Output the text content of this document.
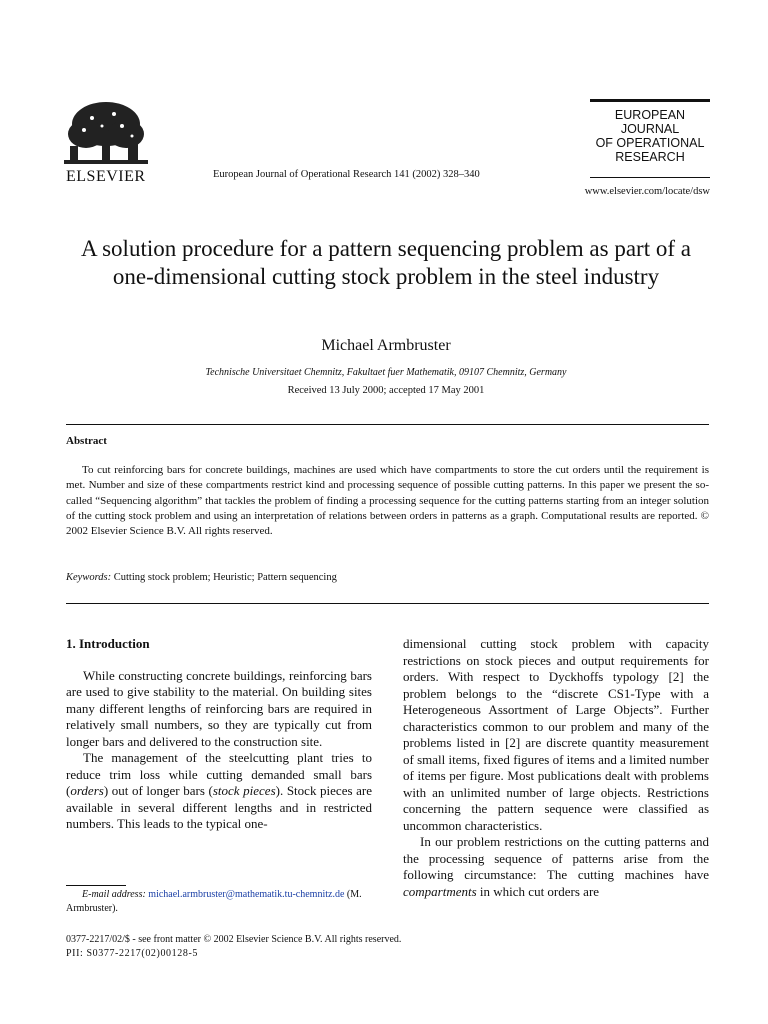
ELSEVIER	European Journal of Operational Research 141 (2002) 328–340
EUROPEAN
JOURNAL
OF OPERATIONAL
RESEARCH
www.elsevier.com/locate/dsw
A solution procedure for a pattern sequencing problem as part of a one-dimensional cutting stock problem in the steel industry
Michael Armbruster
Technische Universitaet Chemnitz, Fakultaet fuer Mathematik, 09107 Chemnitz, Germany
Received 13 July 2000; accepted 17 May 2001
Abstract
To cut reinforcing bars for concrete buildings, machines are used which have compartments to store the cut orders until the requirement is met. Number and size of these compartments restrict kind and processing sequence of possible cutting patterns. In this paper we present the so-called “Sequencing algorithm” that tackles the problem of finding a processing sequence for the cutting patterns starting from an integer solution of the cutting stock problem and using an interpretation of relations between orders in patterns as a graph. Computational results are reported. © 2002 Elsevier Science B.V. All rights reserved.
Keywords: Cutting stock problem; Heuristic; Pattern sequencing
1. Introduction

While constructing concrete buildings, reinforcing bars are used to give stability to the material. On building sites many different lengths of reinforcing bars are required in relatively small numbers, so they are typically cut from longer bars and delivered to the construction site.

The management of the steelcutting plant tries to reduce trim loss while cutting demanded small bars (orders) out of longer bars (stock pieces). Stock pieces are available in several different lengths and in restricted numbers. This leads to the typical one-

E-mail address: michael.armbruster@mathematik.tu-chemnitz.de (M. Armbruster).

dimensional cutting stock problem with capacity restrictions on stock pieces and output requirements for orders. With respect to Dyckhoffs typology [2] the problem belongs to the “discrete CS1-Type with a Heterogeneous Assortment of Large Objects”. Further characteristics common to our problem and many of the problems listed in [2] are discrete quantity measurement of small items, fixed figures of items and a limited number of items per figure. Most publications dealt with problems with an unlimited number of large objects. Restrictions concerning the pattern sequence were classified as uncommon characteristics.

In our problem restrictions on the cutting patterns and the processing sequence of patterns arise from the following circumstance: The cutting machines have compartments in which cut orders are

0377-2217/02/$ - see front matter © 2002 Elsevier Science B.V. All rights reserved.
PII: S0377-2217(02)00128-5
